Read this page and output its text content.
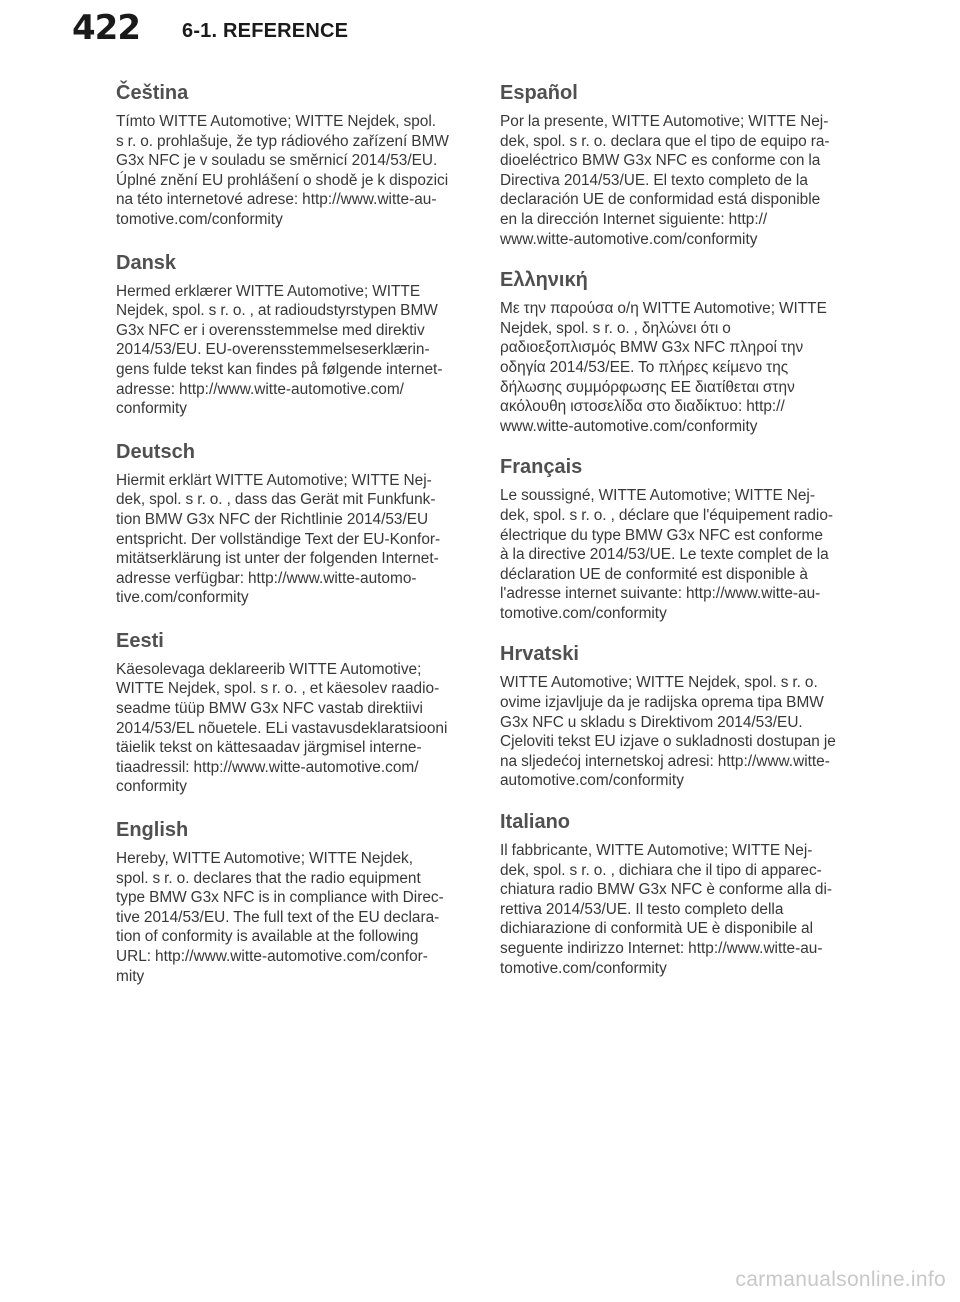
422 6-1. REFERENCE
Čeština

Tímto WITTE Automotive; WITTE Nejdek, spol.
s r. o. prohlašuje, že typ rádiového zařízení BMW
G3x NFC je v souladu se směrnicí 2014/53/EU.
Úplné znění EU prohlášení o shodě je k dispozici
na této internetové adrese: http://www.witte-au-
tomotive.com/conformity

Dansk

Hermed erklærer WITTE Automotive; WITTE
Nejdek, spol. s r. o. , at radioudstyrstypen BMW
G3x NFC er i overensstemmelse med direktiv
2014/53/EU. EU-overensstemmelseserklærin-
gens fulde tekst kan findes på følgende internet-
adresse: http://www.witte-automotive.com/
conformity

Deutsch

Hiermit erklärt WITTE Automotive; WITTE Nej-
dek, spol. s r. o. , dass das Gerät mit Funkfunk-
tion BMW G3x NFC der Richtlinie 2014/53/EU
entspricht. Der vollständige Text der EU-Konfor-
mitätserklärung ist unter der folgenden Internet-
adresse verfügbar: http://www.witte-automo-
tive.com/conformity

Eesti

Käesolevaga deklareerib WITTE Automotive;
WITTE Nejdek, spol. s r. o. , et käesolev raadio-
seadme tüüp BMW G3x NFC vastab direktiivi
2014/53/EL nõuetele. ELi vastavusdeklaratsiooni
täielik tekst on kättesaadav järgmisel interne-
tiaadressil: http://www.witte-automotive.com/
conformity

English

Hereby, WITTE Automotive; WITTE Nejdek,
spol. s r. o. declares that the radio equipment
type BMW G3x NFC is in compliance with Direc-
tive 2014/53/EU. The full text of the EU declara-
tion of conformity is available at the following
URL: http://www.witte-automotive.com/confor-
mity

Español

Por la presente, WITTE Automotive; WITTE Nej-
dek, spol. s r. o. declara que el tipo de equipo ra-
dioeléctrico BMW G3x NFC es conforme con la
Directiva 2014/53/UE. El texto completo de la
declaración UE de conformidad está disponible
en la dirección Internet siguiente: http://
www.witte-automotive.com/conformity

Ελληνική

Με την παρούσα ο/η WITTE Automotive; WITTE
Nejdek, spol. s r. o. , δηλώνει ότι ο
ραδιοεξοπλισμός BMW G3x NFC πληροί την
οδηγία 2014/53/ΕΕ. Το πλήρες κείμενο της
δήλωσης συμμόρφωσης ΕΕ διατίθεται στην
ακόλουθη ιστοσελίδα στο διαδίκτυο: http://
www.witte-automotive.com/conformity

Français

Le soussigné, WITTE Automotive; WITTE Nej-
dek, spol. s r. o. , déclare que l'équipement radio-
électrique du type BMW G3x NFC est conforme
à la directive 2014/53/UE. Le texte complet de la
déclaration UE de conformité est disponible à
l'adresse internet suivante: http://www.witte-au-
tomotive.com/conformity

Hrvatski

WITTE Automotive; WITTE Nejdek, spol. s r. o.
ovime izjavljuje da je radijska oprema tipa BMW
G3x NFC u skladu s Direktivom 2014/53/EU.
Cjeloviti tekst EU izjave o sukladnosti dostupan je
na sljedećoj internetskoj adresi: http://www.witte-
automotive.com/conformity

Italiano

Il fabbricante, WITTE Automotive; WITTE Nej-
dek, spol. s r. o. , dichiara che il tipo di apparec-
chiatura radio BMW G3x NFC è conforme alla di-
rettiva 2014/53/UE. Il testo completo della
dichiarazione di conformità UE è disponibile al
seguente indirizzo Internet: http://www.witte-au-
tomotive.com/conformity

carmanualsonline.info
